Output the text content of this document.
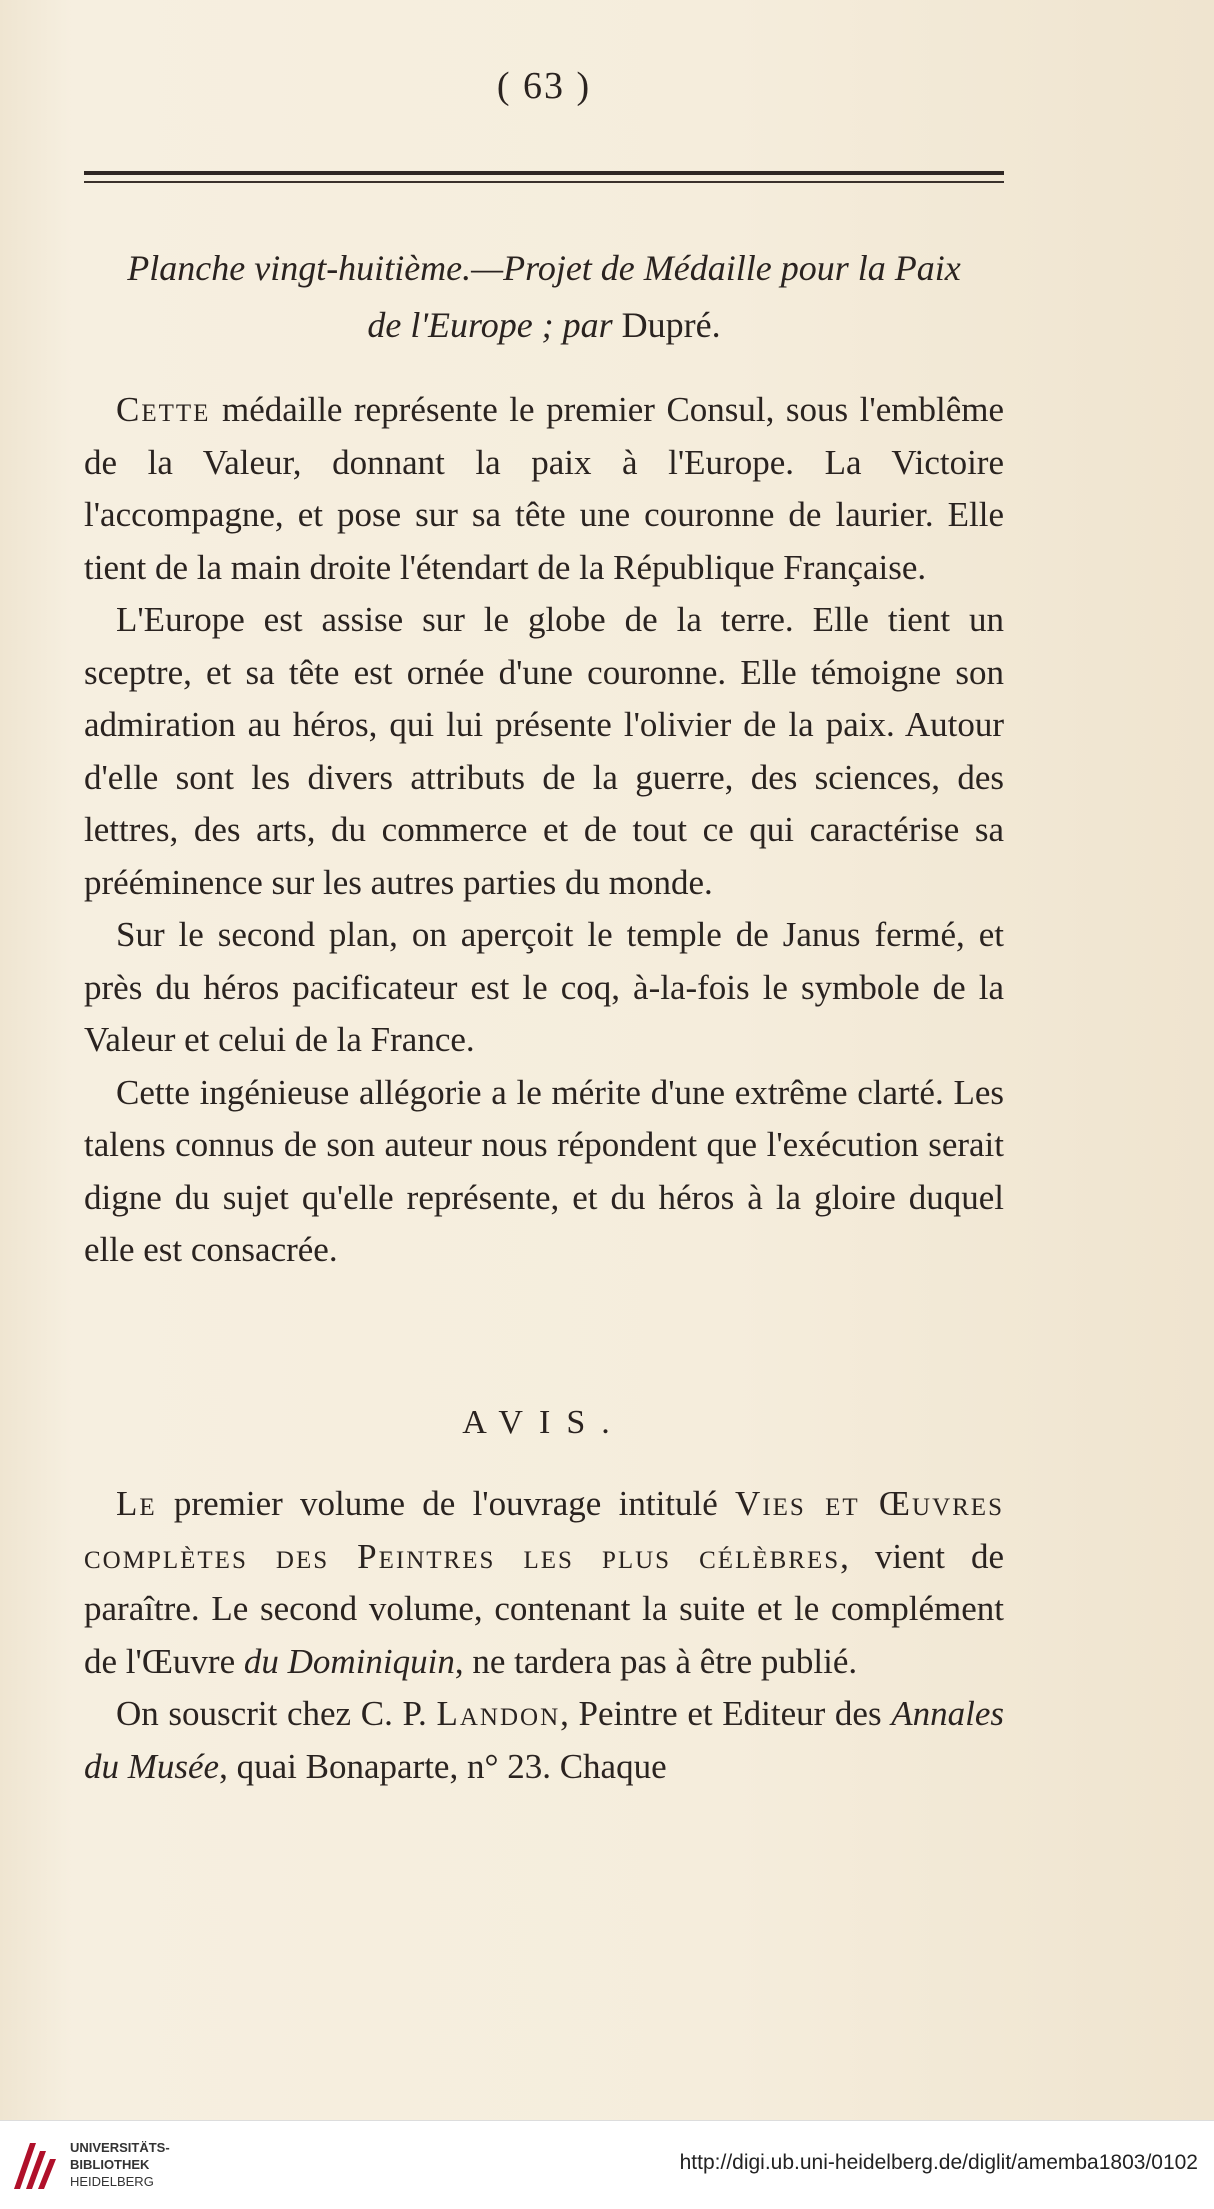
( 63 )
Planche vingt-huitième.—Projet de Médaille pour la Paix
de l'Europe ; par Dupré.

Cette médaille représente le premier Consul, sous l'emblême de la Valeur, donnant la paix à l'Europe. La Victoire l'accompagne, et pose sur sa tête une couronne de laurier. Elle tient de la main droite l'étendart de la République Française.

L'Europe est assise sur le globe de la terre. Elle tient un sceptre, et sa tête est ornée d'une couronne. Elle témoigne son admiration au héros, qui lui présente l'olivier de la paix. Autour d'elle sont les divers attributs de la guerre, des sciences, des lettres, des arts, du commerce et de tout ce qui caractérise sa prééminence sur les autres parties du monde.

Sur le second plan, on aperçoit le temple de Janus fermé, et près du héros pacificateur est le coq, à-la-fois le symbole de la Valeur et celui de la France.

Cette ingénieuse allégorie a le mérite d'une extrême clarté. Les talens connus de son auteur nous répondent que l'exécution serait digne du sujet qu'elle représente, et du héros à la gloire duquel elle est consacrée.

AVIS.

Le premier volume de l'ouvrage intitulé Vies et Œuvres complètes des Peintres les plus célèbres, vient de paraître. Le second volume, contenant la suite et le complément de l'Œuvre du Dominiquin, ne tardera pas à être publié.

On souscrit chez C. P. Landon, Peintre et Editeur des Annales du Musée, quai Bonaparte, n° 23. Chaque

UNIVERSITÄTS-
BIBLIOTHEK
HEIDELBERG
http://digi.ub.uni-heidelberg.de/diglit/amemba1803/0102
